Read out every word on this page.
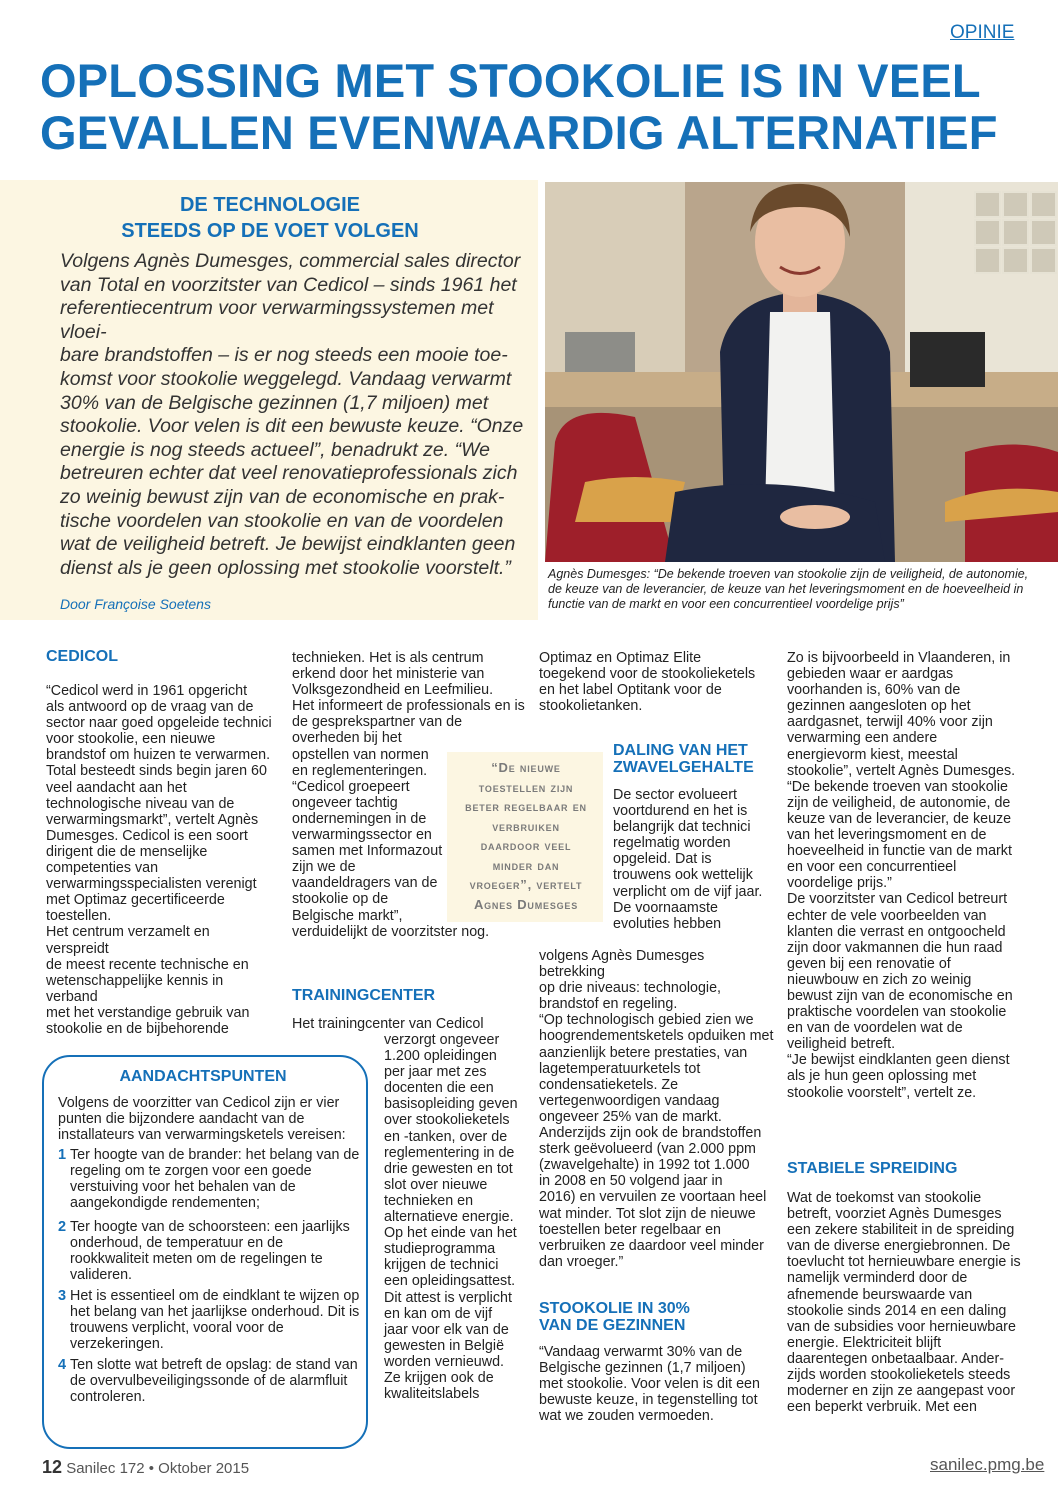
OPINIE
OPLOSSING MET STOOKOLIE IS IN VEEL
GEVALLEN EVENWAARDIG ALTERNATIEF
DE TECHNOLOGIE
STEEDS OP DE VOET VOLGEN

Volgens Agnès Dumesges, commercial sales director
van Total en voorzitster van Cedicol – sinds 1961 het
referentiecentrum voor verwarmingssystemen met vloei-
bare brandstoffen – is er nog steeds een mooie toe-
komst voor stookolie weggelegd. Vandaag verwarmt
30% van de Belgische gezinnen (1,7 miljoen) met
stookolie. Voor velen is dit een bewuste keuze. “Onze
energie is nog steeds actueel”, benadrukt ze. “We
betreuren echter dat veel renovatieprofessionals zich
zo weinig bewust zijn van de economische en prak-
tische voordelen van stookolie en van de voordelen
wat de veiligheid betreft. Je bewijst eindklanten geen
dienst als je geen oplossing met stookolie voorstelt.”

Door Françoise Soetens

Agnès Dumesges: “De bekende troeven van stookolie zijn de veiligheid, de autonomie,
de keuze van de leverancier, de keuze van het leveringsmoment en de hoeveelheid in
functie van de markt en voor een concurrentieel voordelige prijs”

CEDICOL

“Cedicol werd in 1961 opgericht
als antwoord op de vraag van de
sector naar goed opgeleide technici
voor stookolie, een nieuwe
brandstof om huizen te verwarmen.
Total besteedt sinds begin jaren 60
veel aandacht aan het
technologische niveau van de
verwarmingsmarkt”, vertelt Agnès
Dumesges. Cedicol is een soort
dirigent die de menselijke
competenties van
verwarmingsspecialisten verenigt
met Optimaz gecertificeerde
toestellen.
Het centrum verzamelt en verspreidt
de meest recente technische en
wetenschappelijke kennis in verband
met het verstandige gebruik van
stookolie en de bijbehorende

AANDACHTSPUNTEN

Volgens de voorzitter van Cedicol zijn er vier
punten die bijzondere aandacht van de
installateurs van verwarmingsketels vereisen:

1 Ter hoogte van de brander: het belang van de
regeling om te zorgen voor een goede
verstuiving voor het behalen van de
aangekondigde rendementen;

2 Ter hoogte van de schoorsteen: een jaarlijks
onderhoud, de temperatuur en de
rookkwaliteit meten om de regelingen te
valideren.

3 Het is essentieel om de eindklant te wijzen op
het belang van het jaarlijkse onderhoud. Dit is
trouwens verplicht, vooral voor de
verzekeringen.

4 Ten slotte wat betreft de opslag: de stand van
de overvulbeveiligingssonde of de alarmfluit
controleren.

technieken. Het is als centrum
erkend door het ministerie van
Volksgezondheid en Leefmilieu.
Het informeert de professionals en is
de gesprekspartner van de
overheden bij het
opstellen van normen
en reglementeringen.
“Cedicol groepeert
ongeveer tachtig
ondernemingen in de
verwarmingssector en
samen met Informazout
zijn we de
vaandeldragers van de
stookolie op de
Belgische markt”,
verduidelijkt de voorzitster nog.

TRAININGCENTER

Het trainingcenter van Cedicol

verzorgt ongeveer
1.200 opleidingen
per jaar met zes
docenten die een
basisopleiding geven
over stookolieketels
en -tanken, over de
reglementering in de
drie gewesten en tot
slot over nieuwe
technieken en
alternatieve energie.
Op het einde van het
studieprogramma
krijgen de technici
een opleidingsattest.
Dit attest is verplicht
en kan om de vijf
jaar voor elk van de
gewesten in België
worden vernieuwd.
Ze krijgen ook de
kwaliteitslabels

“De nieuwe
toestellen zijn
beter regelbaar en
verbruiken
daardoor veel
minder dan
vroeger”, vertelt
Agnes Dumesges

Optimaz en Optimaz Elite
toegekend voor de stookolieketels
en het label Optitank voor de
stookolietanken.

DALING VAN HET
ZWAVELGEHALTE

De sector evolueert
voortdurend en het is
belangrijk dat technici
regelmatig worden
opgeleid. Dat is
trouwens ook wettelijk
verplicht om de vijf jaar.
De voornaamste
evoluties hebben

volgens Agnès Dumesges betrekking
op drie niveaus: technologie,
brandstof en regeling.
“Op technologisch gebied zien we
hoogrendementsketels opduiken met
aanzienlijk betere prestaties, van
lagetemperatuurketels tot
condensatieketels. Ze
vertegenwoordigen vandaag
ongeveer 25% van de markt.
Anderzijds zijn ook de brandstoffen
sterk geëvolueerd (van 2.000 ppm
(zwavelgehalte) in 1992 tot 1.000
in 2008 en 50 volgend jaar in
2016) en vervuilen ze voortaan heel
wat minder. Tot slot zijn de nieuwe
toestellen beter regelbaar en
verbruiken ze daardoor veel minder
dan vroeger.”

STOOKOLIE IN 30%
VAN DE GEZINNEN

“Vandaag verwarmt 30% van de
Belgische gezinnen (1,7 miljoen)
met stookolie. Voor velen is dit een
bewuste keuze, in tegenstelling tot
wat we zouden vermoeden.

Zo is bijvoorbeeld in Vlaanderen, in
gebieden waar er aardgas
voorhanden is, 60% van de
gezinnen aangesloten op het
aardgasnet, terwijl 40% voor zijn
verwarming een andere
energievorm kiest, meestal
stookolie”, vertelt Agnès Dumesges.
“De bekende troeven van stookolie
zijn de veiligheid, de autonomie, de
keuze van de leverancier, de keuze
van het leveringsmoment en de
hoeveelheid in functie van de markt
en voor een concurrentieel
voordelige prijs.”
De voorzitster van Cedicol betreurt
echter de vele voorbeelden van
klanten die verrast en ontgoocheld
zijn door vakmannen die hun raad
geven bij een renovatie of
nieuwbouw en zich zo weinig
bewust zijn van de economische en
praktische voordelen van stookolie
en van de voordelen wat de
veiligheid betreft.
“Je bewijst eindklanten geen dienst
als je hun geen oplossing met
stookolie voorstelt”, vertelt ze.

STABIELE SPREIDING

Wat de toekomst van stookolie
betreft, voorziet Agnès Dumesges
een zekere stabiliteit in de spreiding
van de diverse energiebronnen. De
toevlucht tot hernieuwbare energie is
namelijk verminderd door de
afnemende beurswaarde van
stookolie sinds 2014 en een daling
van de subsidies voor hernieuwbare
energie. Elektriciteit blijft
daarentegen onbetaalbaar. Ander-
zijds worden stookolieketels steeds
moderner en zijn ze aangepast voor
een beperkt verbruik. Met een

12 Sanilec 172 • Oktober 2015	sanilec.pmg.be
